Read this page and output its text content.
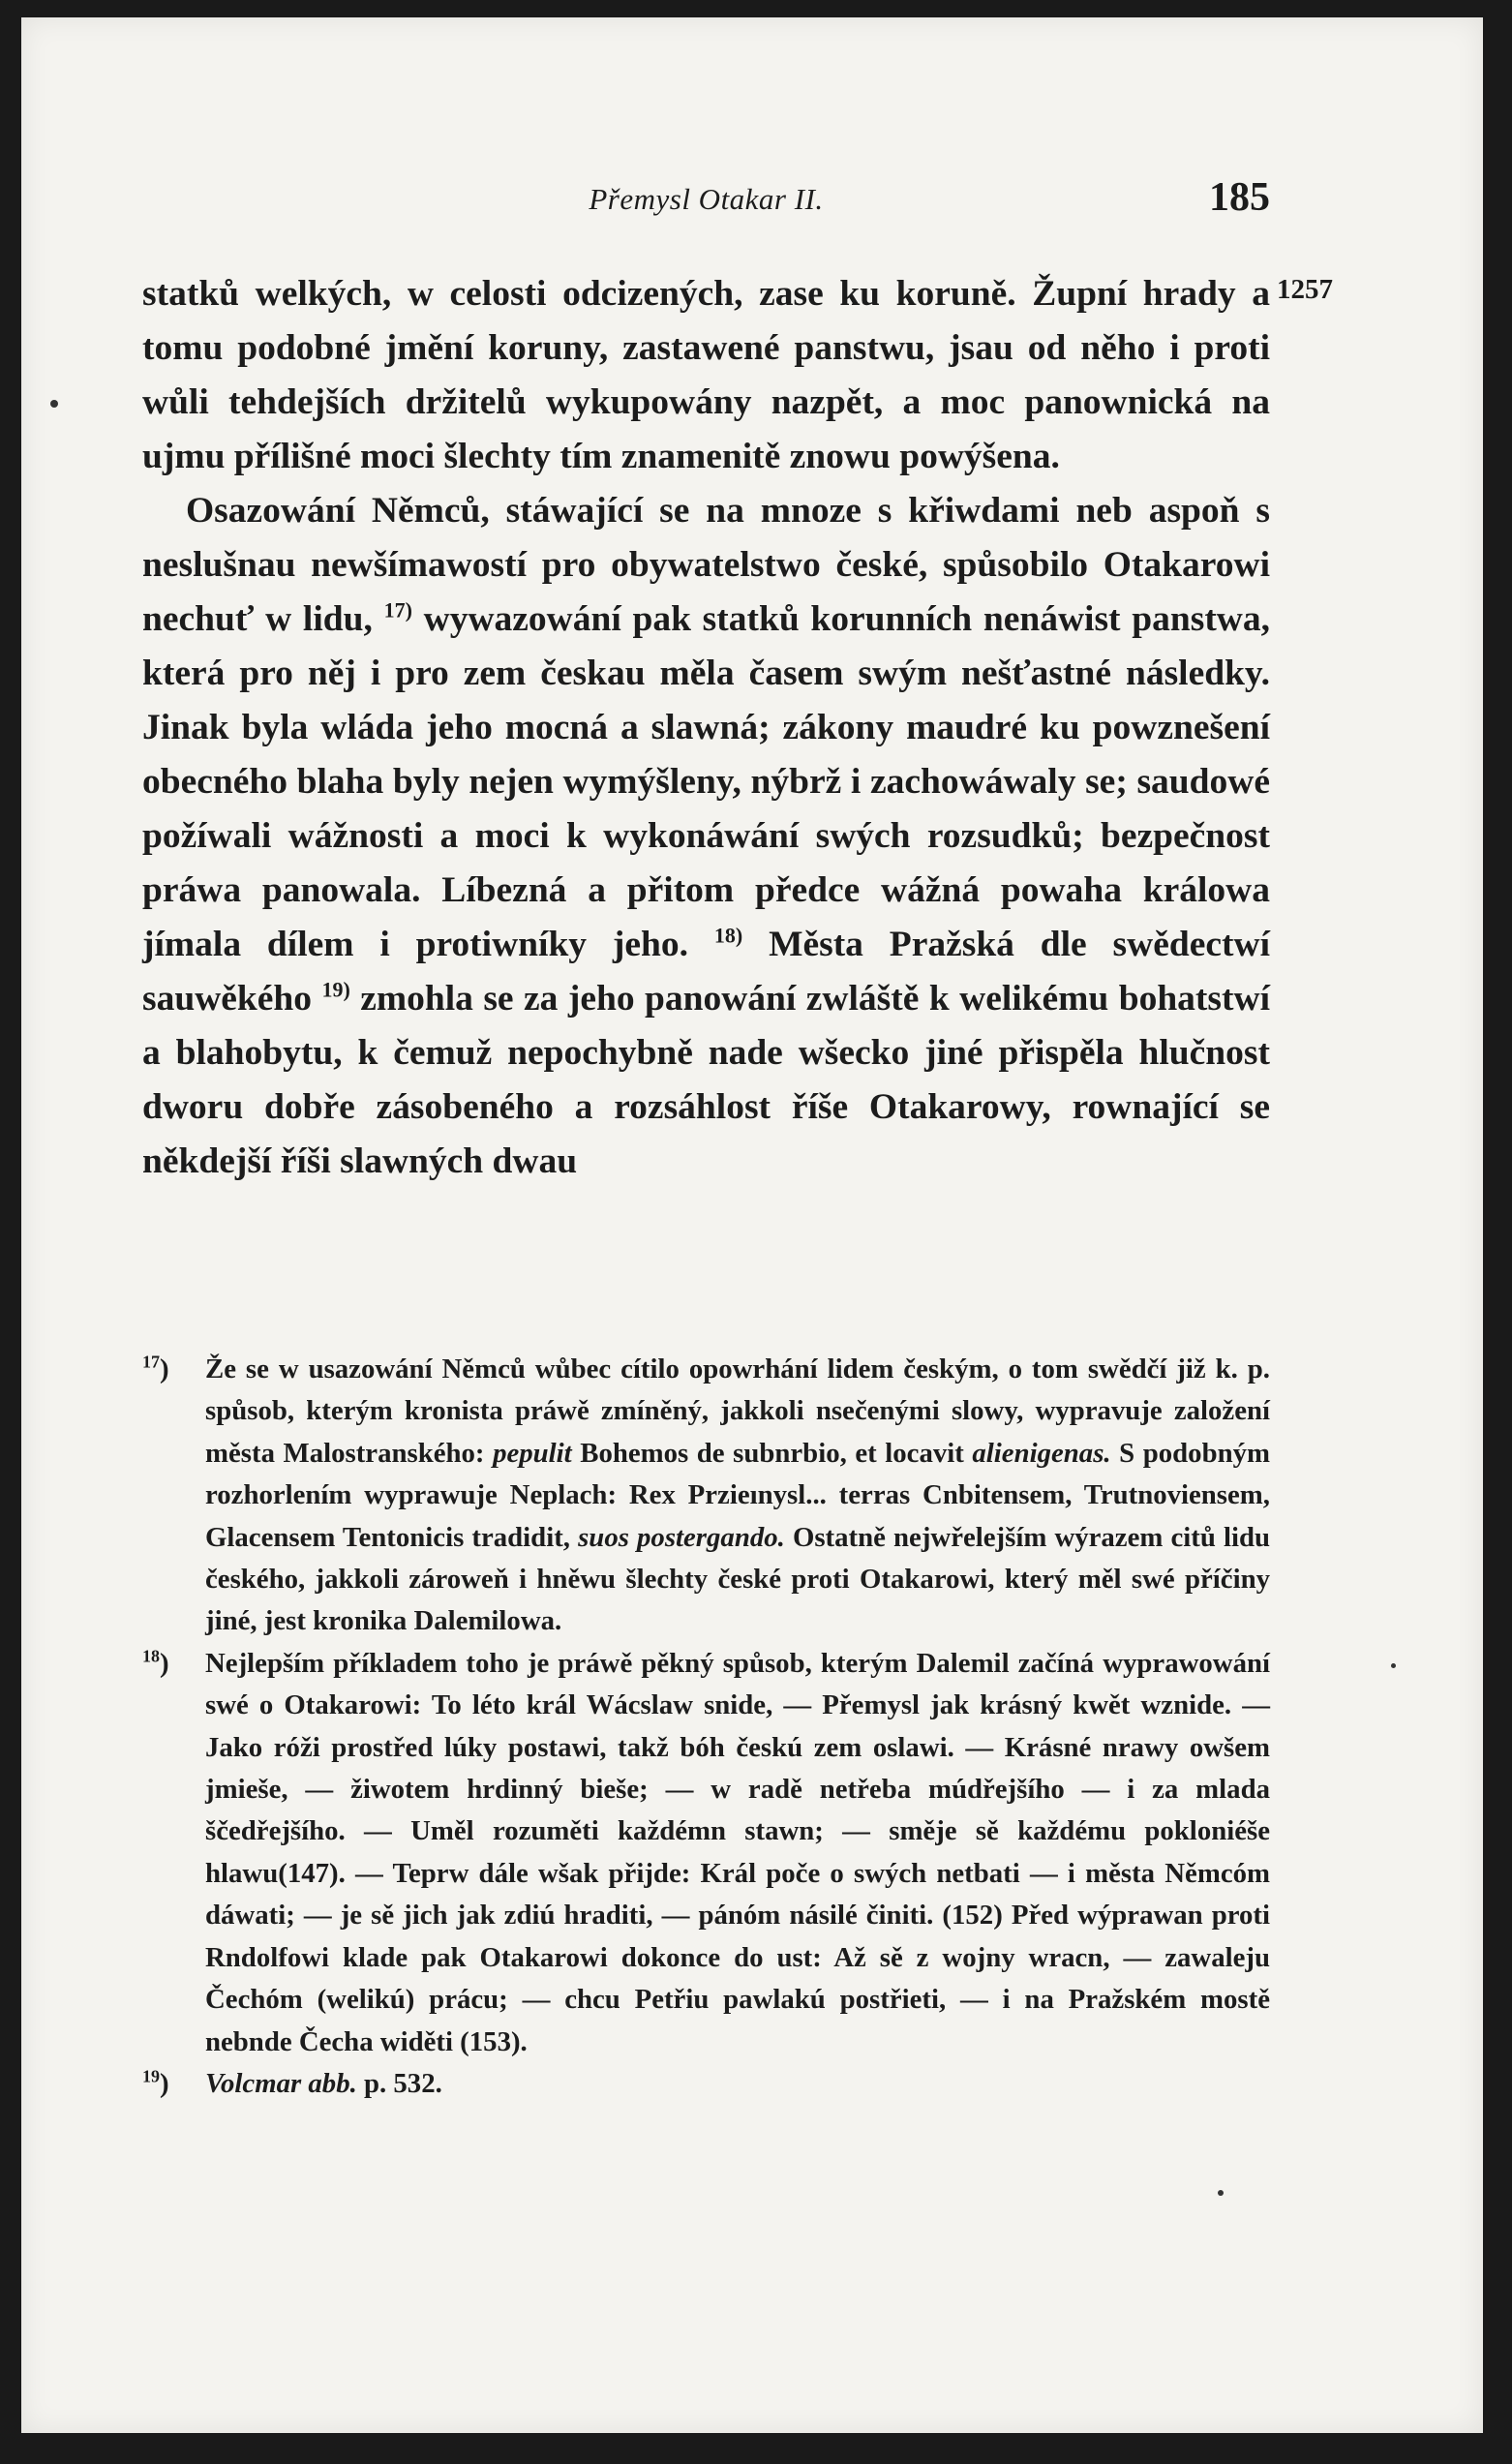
Přemysl Otakar II.	185
1257

statků welkých, w celosti odcizených, zase ku koruně. Župní hrady a tomu podobné jmění koruny, zastawené panstwu, jsau od něho i proti wůli tehdejších držitelů wykupowány nazpět, a moc panownická na ujmu přílišné moci šlechty tím znamenitě znowu powýšena.

Osazowání Němců, stáwající se na mnoze s křiwdami neb aspoň s neslušnau newšímawostí pro obywatelstwo české, spůsobilo Otakarowi nechuť w lidu, $^{17)}$ wywazowání pak statků korunních nenáwist panstwa, která pro něj i pro zem českau měla časem swým nešťastné následky. Jinak byla wláda jeho mocná a slawná; zákony maudré ku powznešení obecného blaha byly nejen wymýšleny, nýbrž i zachowáwaly se; saudowé požíwali wážnosti a moci k wykonáwání swých rozsudků; bezpečnost práwa panowala. Líbezná a přitom předce wážná powaha králowa jímala dílem i protiwníky jeho. $^{18)}$ Města Pražská dle swědectwí sauwěkého $^{19)}$ zmohla se za jeho panowání zwláště k welikému bohatstwí a blahobytu, k čemuž nepochybně nade wšecko jiné přispěla hlučnost dworu dobře zásobeného a rozsáhlost říše Otakarowy, rownající se někdejší říši slawných dwau

$^{17}$) Že se w usazowání Němců wůbec cítilo opowrhání lidem českým, o tom swědčí již k. p. spůsob, kterým kronista práwě zmíněný, jakkoli nsečenými slowy, wypravuje založení města Malostranského: pepulit Bohemos de subnrbio, et locavit alienigenas. S podobným rozhorlením wyprawuje Neplach: Rex Przieınysl... terras Cnbitensem, Trutnoviensem, Glacensem Tentonicis tradidit, suos postergando. Ostatně nejwřelejším wýrazem citů lidu českého, jakkoli zároweň i hněwu šlechty české proti Otakarowi, který měl swé příčiny jiné, jest kronika Dalemilowa.

$^{18}$) Nejlepším příkladem toho je práwě pěkný spůsob, kterým Dalemil začíná wyprawowání swé o Otakarowi: To léto král Wácslaw snide, — Přemysl jak krásný kwět wznide. — Jako róži prostřed lúky postawi, takž bóh českú zem oslawi. — Krásné nrawy owšem jmieše, — žiwotem hrdinný bieše; — w radě netřeba múdřejšího — i za mlada ščedřejšího. — Uměl rozuměti každémn stawn; — směje sě každému pokloniéše hlawu(147). — Teprw dále wšak přijde: Král poče o swých netbati — i města Němcóm dáwati; — je sě jich jak zdiú hraditi, — pánóm násilé činiti. (152) Před wýprawan proti Rndolfowi klade pak Otakarowi dokonce do ust: Až sě z wojny wracn, — zawaleju Čechóm (welikú) prácu; — chcu Petřiu pawlakú postřieti, — i na Pražském mostě nebnde Čecha widěti (153).

$^{19}$) Volcmar abb. p. 532.
